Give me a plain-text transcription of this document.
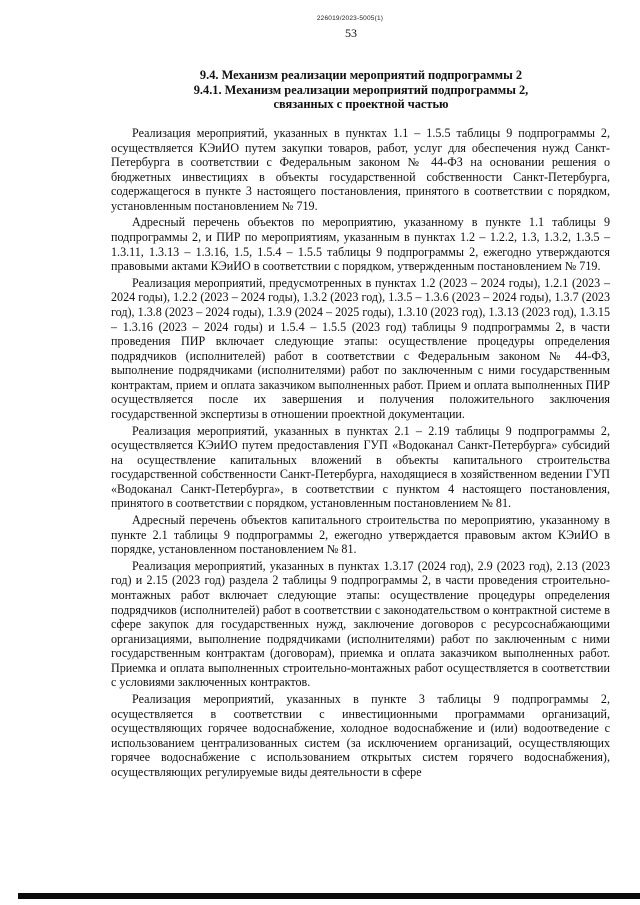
226019/2023-5005(1)
53
9.4. Механизм реализации мероприятий подпрограммы 2
9.4.1. Механизм реализации мероприятий подпрограммы 2,
связанных с проектной частью

Реализация мероприятий, указанных в пунктах 1.1 – 1.5.5 таблицы 9 подпрограммы 2, осуществляется КЭиИО путем закупки товаров, работ, услуг для обеспечения нужд Санкт-Петербурга в соответствии с Федеральным законом № 44-ФЗ на основании решения о бюджетных инвестициях в объекты государственной собственности Санкт-Петербурга, содержащегося в пункте 3 настоящего постановления, принятого в соответствии с порядком, установленным постановлением № 719.

Адресный перечень объектов по мероприятию, указанному в пункте 1.1 таблицы 9 подпрограммы 2, и ПИР по мероприятиям, указанным в пунктах 1.2 – 1.2.2, 1.3, 1.3.2, 1.3.5 – 1.3.11, 1.3.13 – 1.3.16, 1.5, 1.5.4 – 1.5.5 таблицы 9 подпрограммы 2, ежегодно утверждаются правовыми актами КЭиИО в соответствии с порядком, утвержденным постановлением № 719.

Реализация мероприятий, предусмотренных в пунктах 1.2 (2023 – 2024 годы), 1.2.1 (2023 – 2024 годы), 1.2.2 (2023 – 2024 годы), 1.3.2 (2023 год), 1.3.5 – 1.3.6 (2023 – 2024 годы), 1.3.7 (2023 год), 1.3.8 (2023 – 2024 годы), 1.3.9 (2024 – 2025 годы), 1.3.10 (2023 год), 1.3.13 (2023 год), 1.3.15 – 1.3.16 (2023 – 2024 годы) и 1.5.4 – 1.5.5 (2023 год) таблицы 9 подпрограммы 2, в части проведения ПИР включает следующие этапы: осуществление процедуры определения подрядчиков (исполнителей) работ в соответствии с Федеральным законом № 44-ФЗ, выполнение подрядчиками (исполнителями) работ по заключенным с ними государственным контрактам, прием и оплата заказчиком выполненных работ. Прием и оплата выполненных ПИР осуществляется после их завершения и получения положительного заключения государственной экспертизы в отношении проектной документации.

Реализация мероприятий, указанных в пунктах 2.1 – 2.19 таблицы 9 подпрограммы 2, осуществляется КЭиИО путем предоставления ГУП «Водоканал Санкт-Петербурга» субсидий на осуществление капитальных вложений в объекты капитального строительства государственной собственности Санкт-Петербурга, находящиеся в хозяйственном ведении ГУП «Водоканал Санкт-Петербурга», в соответствии с пунктом 4 настоящего постановления, принятого в соответствии с порядком, установленным постановлением № 81.

Адресный перечень объектов капитального строительства по мероприятию, указанному в пункте 2.1 таблицы 9 подпрограммы 2, ежегодно утверждается правовым актом КЭиИО в порядке, установленном постановлением № 81.

Реализация мероприятий, указанных в пунктах 1.3.17 (2024 год), 2.9 (2023 год), 2.13 (2023 год) и 2.15 (2023 год) раздела 2 таблицы 9 подпрограммы 2, в части проведения строительно-монтажных работ включает следующие этапы: осуществление процедуры определения подрядчиков (исполнителей) работ в соответствии с законодательством о контрактной системе в сфере закупок для государственных нужд, заключение договоров с ресурсоснабжающими организациями, выполнение подрядчиками (исполнителями) работ по заключенным с ними государственным контрактам (договорам), приемка и оплата заказчиком выполненных работ. Приемка и оплата выполненных строительно-монтажных работ осуществляется в соответствии с условиями заключенных контрактов.

Реализация мероприятий, указанных в пункте 3 таблицы 9 подпрограммы 2, осуществляется в соответствии с инвестиционными программами организаций, осуществляющих горячее водоснабжение, холодное водоснабжение и (или) водоотведение с использованием централизованных систем (за исключением организаций, осуществляющих горячее водоснабжение с использованием открытых систем горячего водоснабжения), осуществляющих регулируемые виды деятельности в сфере
